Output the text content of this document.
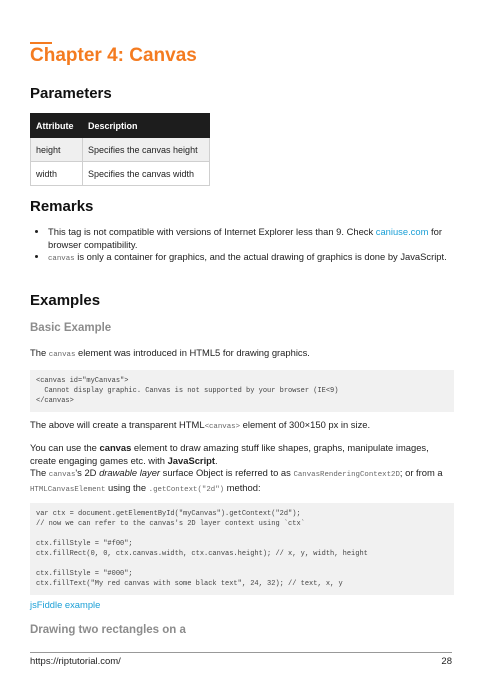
Chapter 4: Canvas
Parameters
Attribute	Description
height	Specifies the canvas height
width	Specifies the canvas width
Remarks
• This tag is not compatible with versions of Internet Explorer less than 9. Check caniuse.com for browser compatibility.
• canvas is only a container for graphics, and the actual drawing of graphics is done by JavaScript.
Examples
Basic Example

The canvas element was introduced in HTML5 for drawing graphics.

<canvas id="myCanvas">
Cannot display graphic. Canvas is not supported by your browser (IE<9)
</canvas>

The above will create a transparent HTML<canvas> element of 300×150 px in size.

You can use the canvas element to draw amazing stuff like shapes, graphs, manipulate images, create engaging games etc. with JavaScript.

The canvas's 2D drawable layer surface Object is referred to as CanvasRenderingContext2D; or from a HTMLCanvasElement using the .getContext("2d") method:

var ctx = document.getElementById("myCanvas").getContext("2d");
// now we can refer to the canvas's 2D layer context using `ctx`

ctx.fillStyle = "#f00";
ctx.fillRect(0, 0, ctx.canvas.width, ctx.canvas.height); // x, y, width, height

ctx.fillStyle = "#000";
ctx.fillText("My red canvas with some black text", 24, 32); // text, x, y

jsFiddle example

Drawing two rectangles on a
https://riptutorial.com/	28
